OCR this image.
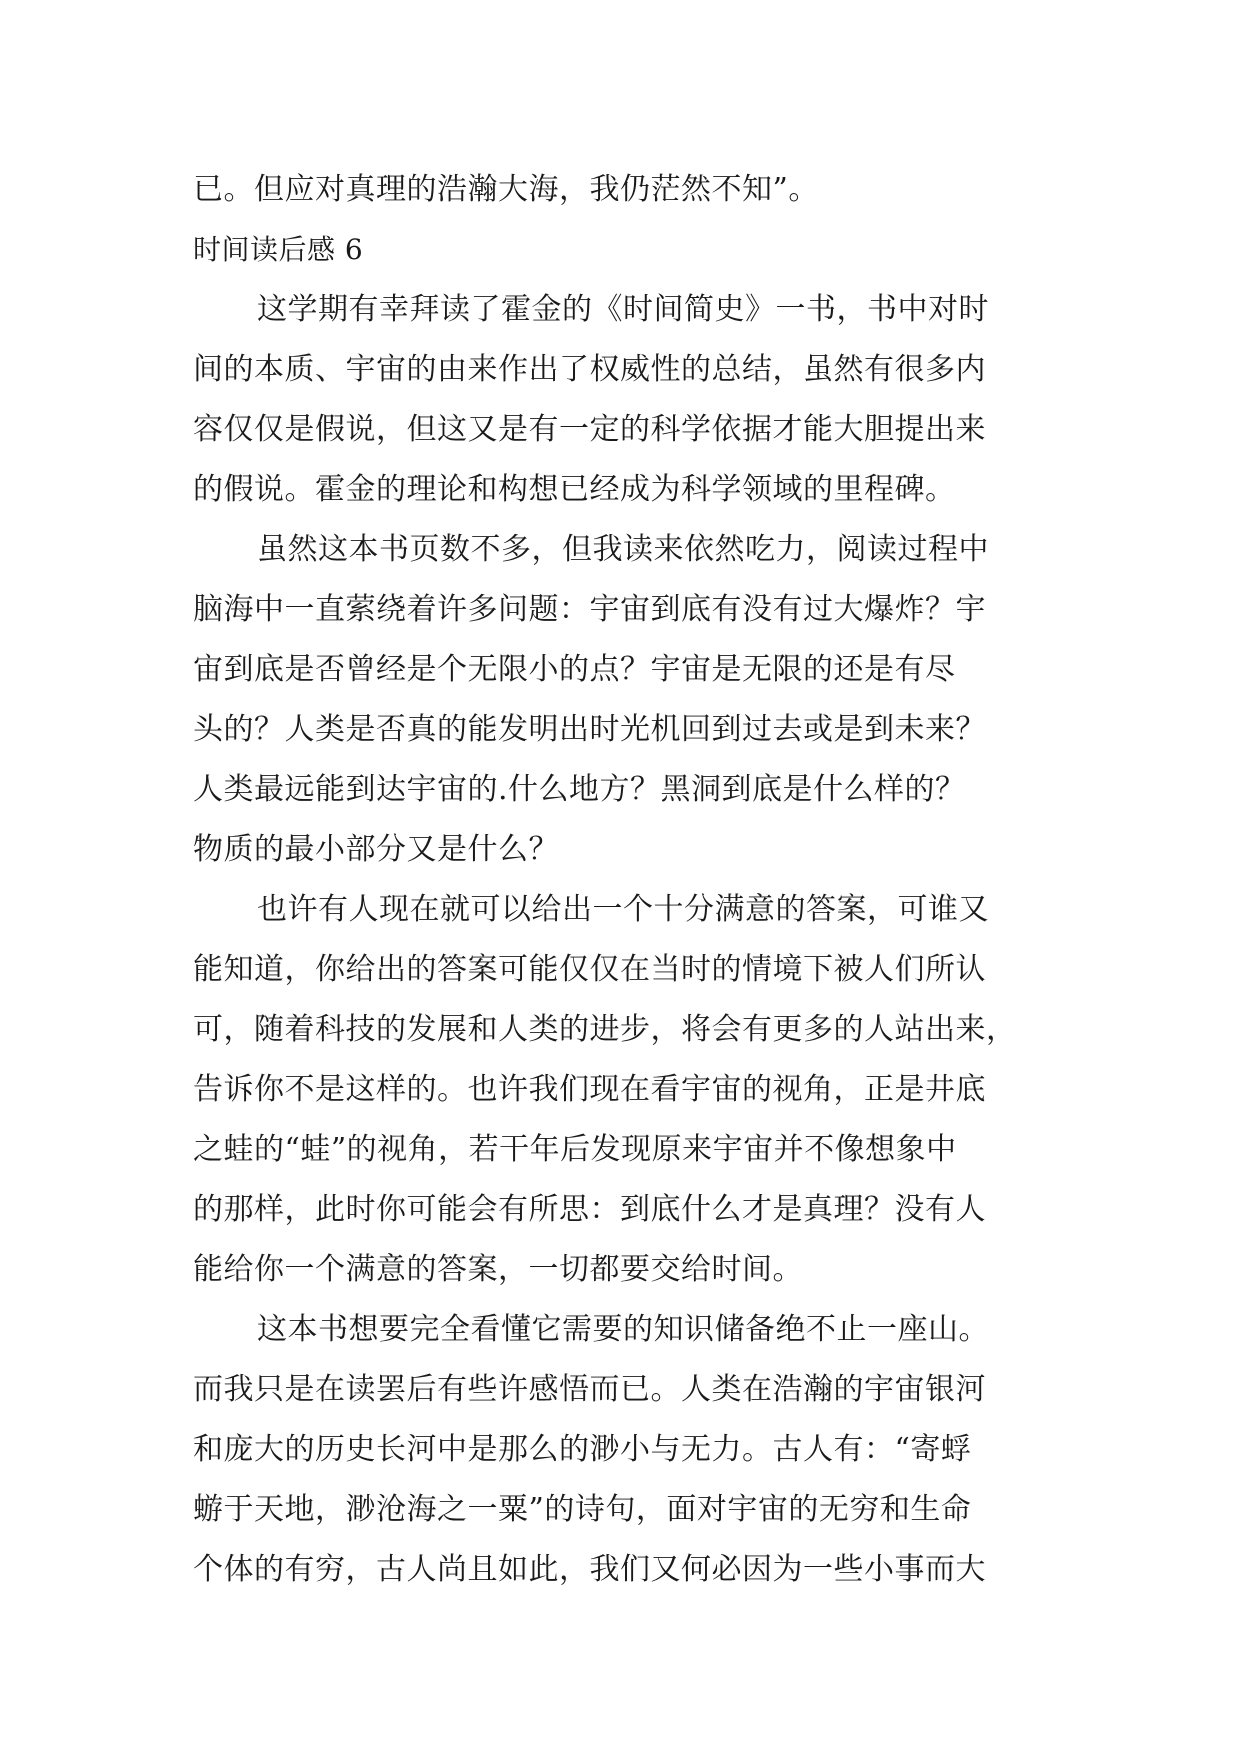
已。但应对真理的浩瀚大海，我仍茫然不知”。
时间读后感 6
这学期有幸拜读了霍金的《时间简史》一书，书中对时
间的本质、宇宙的由来作出了权威性的总结，虽然有很多内
容仅仅是假说，但这又是有一定的科学依据才能大胆提出来
的假说。霍金的理论和构想已经成为科学领域的里程碑。
虽然这本书页数不多，但我读来依然吃力，阅读过程中
脑海中一直萦绕着许多问题：宇宙到底有没有过大爆炸？宇
宙到底是否曾经是个无限小的点？宇宙是无限的还是有尽
头的？人类是否真的能发明出时光机回到过去或是到未来？
人类最远能到达宇宙的.什么地方？黑洞到底是什么样的？
物质的最小部分又是什么？
也许有人现在就可以给出一个十分满意的答案，可谁又
能知道，你给出的答案可能仅仅在当时的情境下被人们所认
可，随着科技的发展和人类的进步，将会有更多的人站出来，
告诉你不是这样的。也许我们现在看宇宙的视角，正是井底
之蛙的“蛙”的视角，若干年后发现原来宇宙并不像想象中
的那样，此时你可能会有所思：到底什么才是真理？没有人
能给你一个满意的答案，一切都要交给时间。
这本书想要完全看懂它需要的知识储备绝不止一座山。
而我只是在读罢后有些许感悟而已。人类在浩瀚的宇宙银河
和庞大的历史长河中是那么的渺小与无力。古人有：“寄蜉
蝣于天地，渺沧海之一粟”的诗句，面对宇宙的无穷和生命
个体的有穷，古人尚且如此，我们又何必因为一些小事而大
